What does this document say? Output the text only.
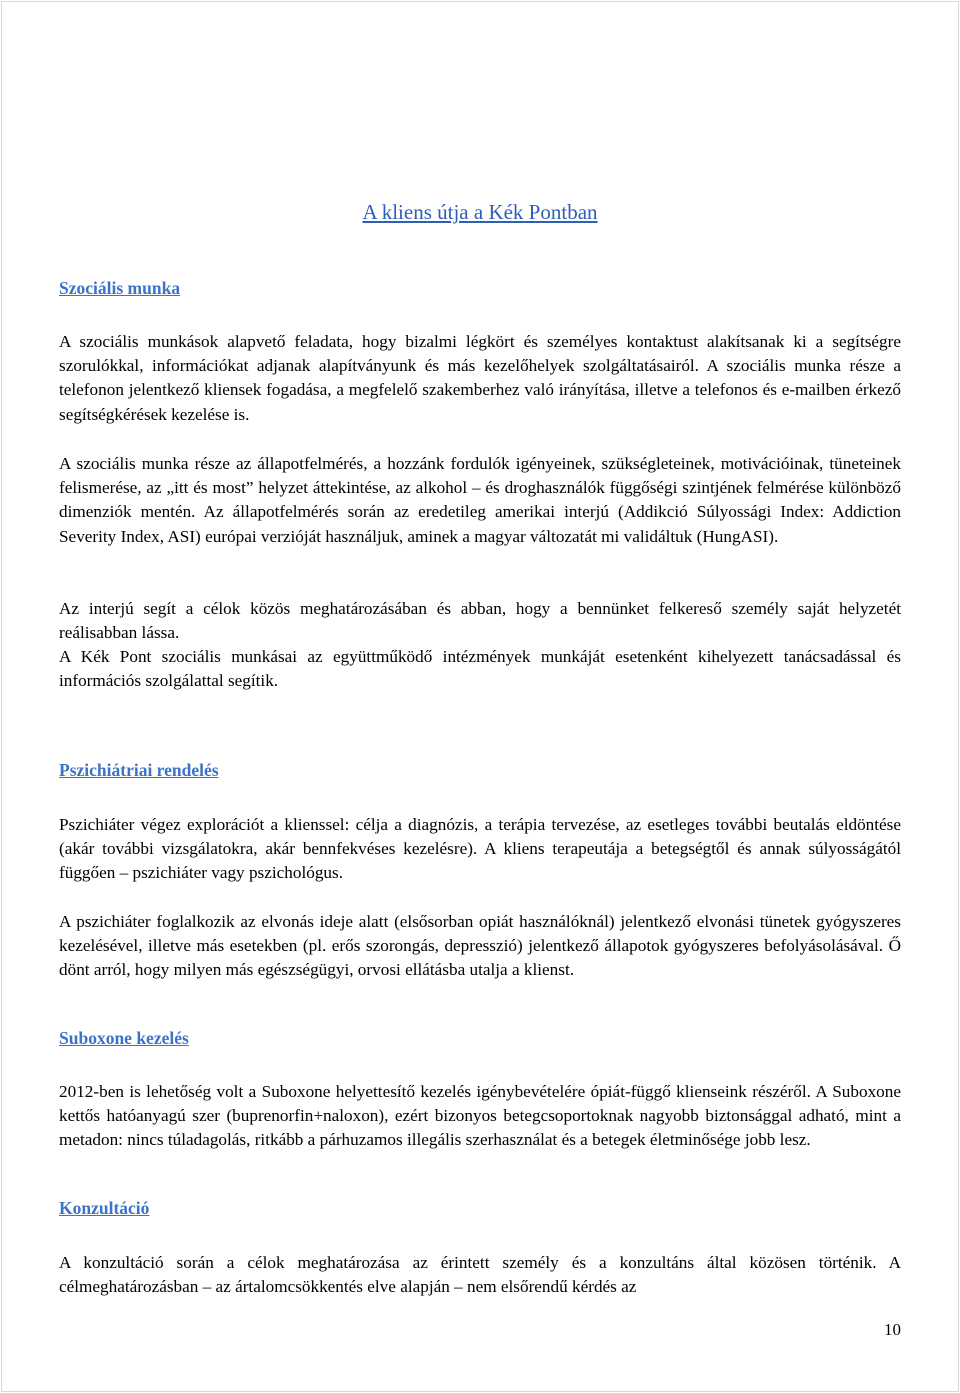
A kliens útja a Kék Pontban
Szociális munka

A szociális munkások alapvető feladata, hogy bizalmi légkört és személyes kontaktust alakítsanak ki a segítségre szorulókkal, információkat adjanak alapítványunk és más kezelőhelyek szolgáltatásairól. A szociális munka része a telefonon jelentkező kliensek fogadása, a megfelelő szakemberhez való irányítása, illetve a telefonos és e-mailben érkező segítségkérések kezelése is.

A szociális munka része az állapotfelmérés, a hozzánk fordulók igényeinek, szükségleteinek, motivációinak, tüneteinek felismerése, az „itt és most” helyzet áttekintése, az alkohol – és droghasználók függőségi szintjének felmérése különböző dimenziók mentén. Az állapotfelmérés során az eredetileg amerikai interjú (Addikció Súlyossági Index: Addiction Severity Index, ASI) európai verzióját használjuk, aminek a magyar változatát mi validáltuk (HungASI).

Az interjú segít a célok közös meghatározásában és abban, hogy a bennünket felkereső személy saját helyzetét reálisabban lássa.

A Kék Pont szociális munkásai az együttműködő intézmények munkáját esetenként kihelyezett tanácsadással és információs szolgálattal segítik.

Pszichiátriai rendelés

Pszichiáter végez explorációt a klienssel: célja a diagnózis, a terápia tervezése, az esetleges további beutalás eldöntése (akár további vizsgálatokra, akár bennfekvéses kezelésre). A kliens terapeutája a betegségtől és annak súlyosságától függően – pszichiáter vagy pszichológus.

A pszichiáter foglalkozik az elvonás ideje alatt (elsősorban opiát használóknál) jelentkező elvonási tünetek gyógyszeres kezelésével, illetve más esetekben (pl. erős szorongás, depresszió) jelentkező állapotok gyógyszeres befolyásolásával. Ő dönt arról, hogy milyen más egészségügyi, orvosi ellátásba utalja a klienst.

Suboxone kezelés

2012-ben is lehetőség volt a Suboxone helyettesítő kezelés igénybevételére ópiát-függő klienseink részéről. A Suboxone kettős hatóanyagú szer (buprenorfin+naloxon), ezért bizonyos betegcsoportoknak nagyobb biztonsággal adható, mint a metadon: nincs túladagolás, ritkább a párhuzamos illegális szerhasználat és a betegek életminősége jobb lesz.

Konzultáció

A konzultáció során a célok meghatározása az érintett személy és a konzultáns által közösen történik. A célmeghatározásban – az ártalomcsökkentés elve alapján – nem elsőrendű kérdés az

10
